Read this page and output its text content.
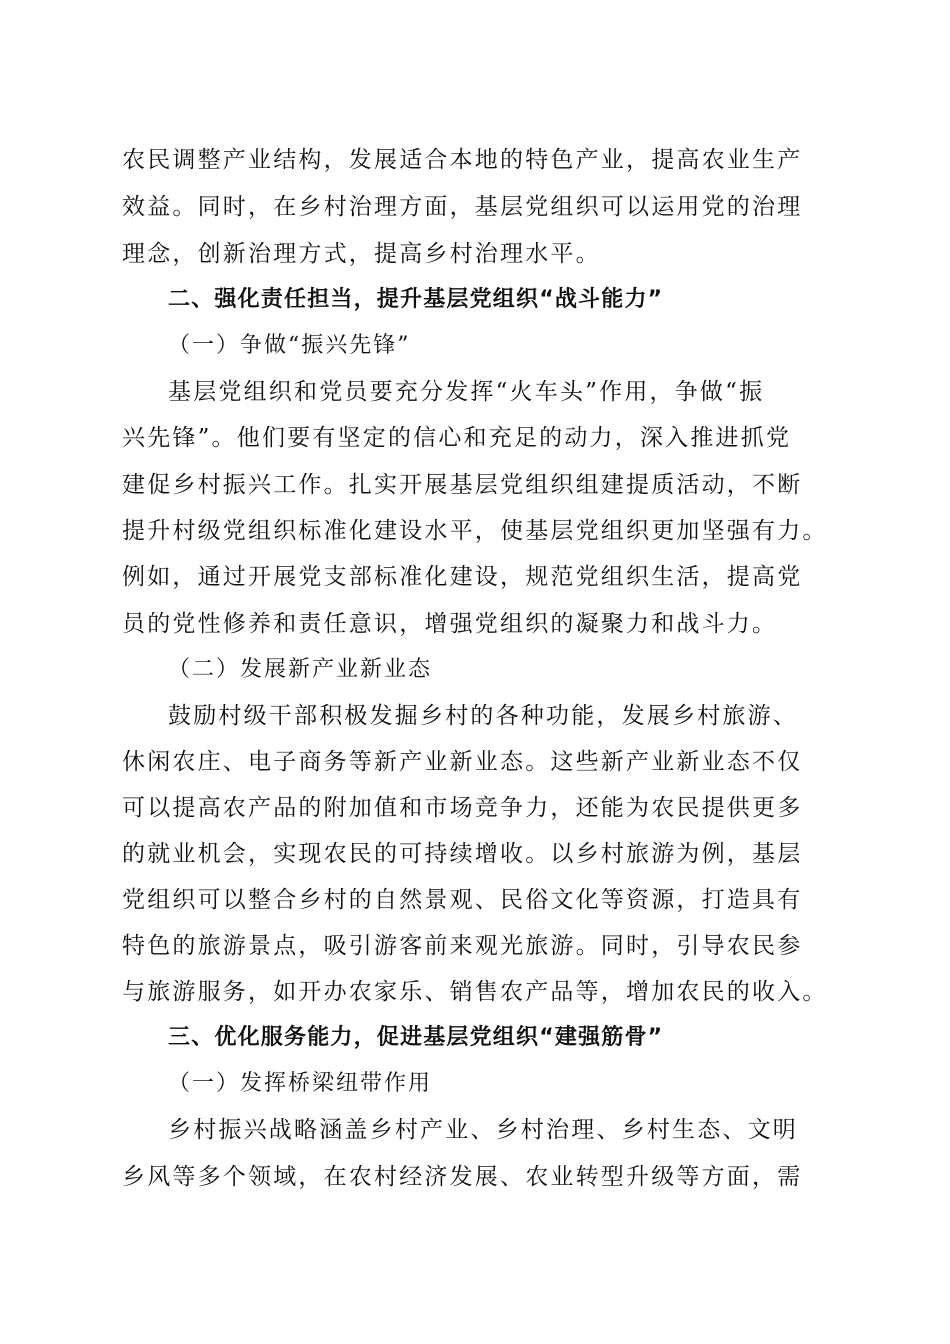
农民调整产业结构，发展适合本地的特色产业，提高农业生产
效益。同时，在乡村治理方面，基层党组织可以运用党的治理
理念，创新治理方式，提高乡村治理水平。
二、强化责任担当，提升基层党组织“战斗能力”
（一）争做“振兴先锋”
基层党组织和党员要充分发挥“火车头”作用，争做“振
兴先锋”。他们要有坚定的信心和充足的动力，深入推进抓党
建促乡村振兴工作。扎实开展基层党组织组建提质活动，不断
提升村级党组织标准化建设水平，使基层党组织更加坚强有力。
例如，通过开展党支部标准化建设，规范党组织生活，提高党
员的党性修养和责任意识，增强党组织的凝聚力和战斗力。
（二）发展新产业新业态
鼓励村级干部积极发掘乡村的各种功能，发展乡村旅游、
休闲农庄、电子商务等新产业新业态。这些新产业新业态不仅
可以提高农产品的附加值和市场竞争力，还能为农民提供更多
的就业机会，实现农民的可持续增收。以乡村旅游为例，基层
党组织可以整合乡村的自然景观、民俗文化等资源，打造具有
特色的旅游景点，吸引游客前来观光旅游。同时，引导农民参
与旅游服务，如开办农家乐、销售农产品等，增加农民的收入。
三、优化服务能力，促进基层党组织“建强筋骨”
（一）发挥桥梁纽带作用
乡村振兴战略涵盖乡村产业、乡村治理、乡村生态、文明
乡风等多个领域，在农村经济发展、农业转型升级等方面，需
